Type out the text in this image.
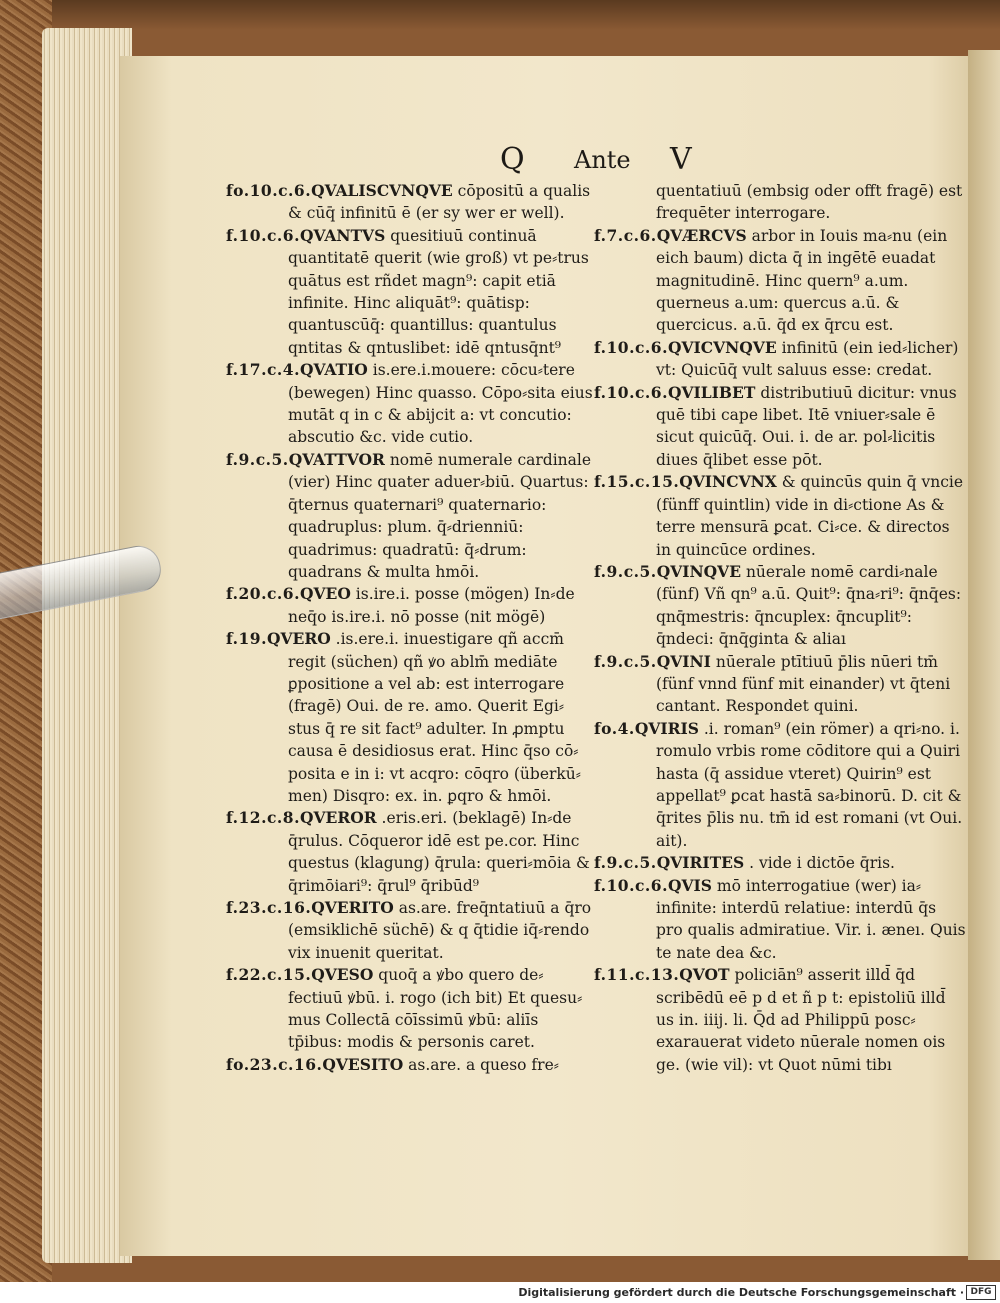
Q Ante V

fo.10.c.6.QVALISCVNQVE cōpositū a qualis & cūq̄ infinitū ē (er sy wer er well).

f.10.c.6.QVANTVS quesitiuū continuā quantitatē querit (wie groß) vt pe⸗trus quātus est rñdet magn⁹: capit etiā infinite. Hinc aliquāt⁹: quātisp: quantuscūq̄: quantillus: quantulus qntitas & qntuslibet: idē qntusq̄nt⁹

f.17.c.4.QVATIO is.ere.i.mouere: cōcu⸗tere (bewegen) Hinc quasso. Cōpo⸗sita eius mutāt q in c & abijcit a: vt concutio: abscutio &c. vide cutio.

f.9.c.5.QVATTVOR nomē numerale cardinale (vier) Hinc quater aduer⸗biū. Quartus: q̄ternus quaternari⁹ quaternario: quadruplus: plum. q̄⸗drienniū: quadrimus: quadratū: q̄⸗drum: quadrans & multa hmōi.

f.20.c.6.QVEO is.ire.i. posse (mögen) In⸗de neq̄o is.ire.i. nō posse (nit mögē)

f.19.QVERO .is.ere.i. inuestigare qñ accm̄ regit (süchen) qñ ꝟo ablm̄ mediāte ꝑpositione a vel ab: est interrogare (fragē) Oui. de re. amo. Querit Egi⸗stus q̄ re sit fact⁹ adulter. In ꝓmptu causa ē desidiosus erat. Hinc q̄so cō⸗posita e in i: vt acqro: cōqro (überkū⸗men) Disqro: ex. in. ꝑqro & hmōi.

f.12.c.8.QVEROR .eris.eri. (beklagē) In⸗de q̄rulus. Cōqueror idē est pe.cor. Hinc questus (klagung) q̄rula: queri⸗mōia & q̄rimōiari⁹: q̄rul⁹ q̄ribūd⁹

f.23.c.16.QVERITO as.are. freq̄ntatiuū a q̄ro (emsiklichē süchē) & q q̄tidie iq̄⸗rendo vix inuenit queritat.

f.22.c.15.QVESO quoq̄ a ꝟbo quero de⸗fectiuū ꝟbū. i. rogo (ich bit) Et quesu⸗mus Collectā cōīssimū ꝟbū: aliīs tp̄ibus: modis & personis caret.

fo.23.c.16.QVESITO as.are. a queso fre⸗

quentatiuū (embsig oder offt fragē) est frequēter interrogare.

f.7.c.6.QVÆRCVS arbor in Iouis ma⸗nu (ein eich baum) dicta q̄ in ingētē euadat magnitudinē. Hinc quern⁹ a.um. querneus a.um: quercus a.ū. & quercicus. a.ū. q̄d ex q̄rcu est.

f.10.c.6.QVICVNQVE infinitū (ein ied⸗licher) vt: Quicūq̄ vult saluus esse: credat.

f.10.c.6.QVILIBET distributiuū dicitur: vnus quē tibi cape libet. Itē vniuer⸗sale ē sicut quicūq̄. Oui. i. de ar. pol⸗licitis diues q̄libet esse pōt.

f.15.c.15.QVINCVNX & quincūs quin q̄ vncie (fünff quintlin) vide in di⸗ctione As & terre mensurā ꝑcat. Ci⸗ce. & directos in quincūce ordines.

f.9.c.5.QVINQVE nūerale nomē cardi⸗nale (fünf) Vñ qn⁹ a.ū. Quit⁹: q̄na⸗ri⁹: q̄nq̄es: qnq̄mestris: q̄ncuplex: q̄ncuplit⁹: q̄ndeci: q̄nq̄ginta & aliaı

f.9.c.5.QVINI nūerale ptītiuū p̄lis nūeri tm̄ (fünf vnnd fünf mit einander) vt q̄teni cantant. Respondet quini.

fo.4.QVIRIS .i. roman⁹ (ein römer) a qri⸗no. i. romulo vrbis rome cōditore qui a Quiri hasta (q̄ assidue vteret) Quirin⁹ est appellat⁹ ꝑcat hastā sa⸗binorū. D. cit & q̄rites p̄lis nu. tm̄ id est romani (vt Oui. ait).

f.9.c.5.QVIRITES . vide i dictōe q̄ris.

f.10.c.6.QVIS mō interrogatiue (wer) ia⸗infinite: interdū relatiue: interdū q̄s pro qualis admiratiue. Vir. i. æneı. Quis te nate dea &c.

f.11.c.13.QVOT policiān⁹ asserit illd̄ q̄d scribēdū eē p d et ñ p t: epistoliū illd̄ us in. iiij. li. Q̄d ad Philippū posc⸗exarauerat videto nūerale nomen ois ge. (wie vil): vt Quot nūmi tibı

Digitalisierung gefördert durch die Deutsche Forschungsgemeinschaft · DFG
